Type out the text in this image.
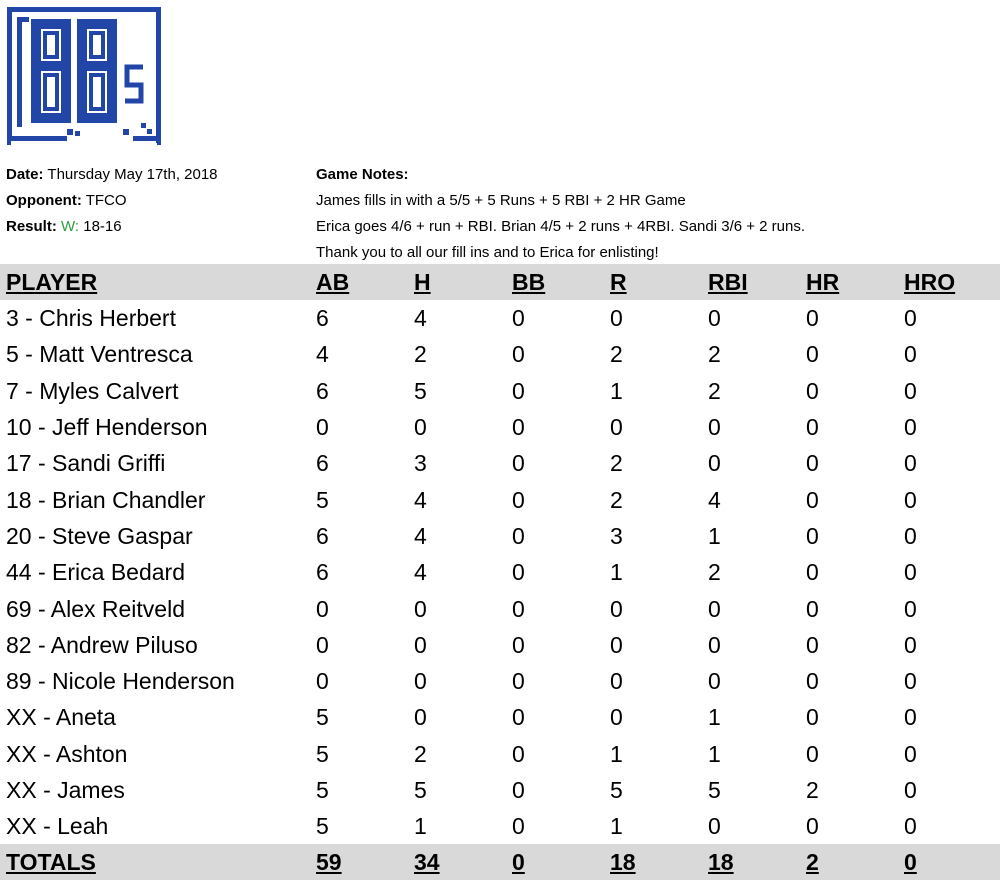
Date: Thursday May 17th, 2018
Opponent: TFCO
Result: W: 18-16
Game Notes:
James fills in with a 5/5 + 5 Runs + 5 RBI + 2 HR Game
Erica goes 4/6 + run + RBI. Brian 4/5 + 2 runs + 4RBI. Sandi 3/6 + 2 runs.
Thank you to all our fill ins and to Erica for enlisting!
PLAYER	AB	H	BB	R	RBI	HR	HRO
3 - Chris Herbert	6	4	0	0	0	0	0
5 - Matt Ventresca	4	2	0	2	2	0	0
7 - Myles Calvert	6	5	0	1	2	0	0
10 - Jeff Henderson	0	0	0	0	0	0	0
17 - Sandi Griffi	6	3	0	2	0	0	0
18 - Brian Chandler	5	4	0	2	4	0	0
20 - Steve Gaspar	6	4	0	3	1	0	0
44 - Erica Bedard	6	4	0	1	2	0	0
69 - Alex Reitveld	0	0	0	0	0	0	0
82 - Andrew Piluso	0	0	0	0	0	0	0
89 - Nicole Henderson	0	0	0	0	0	0	0
XX - Aneta	5	0	0	0	1	0	0
XX - Ashton	5	2	0	1	1	0	0
XX - James	5	5	0	5	5	2	0
XX - Leah	5	1	0	1	0	0	0
TOTALS	59	34	0	18	18	2	0
